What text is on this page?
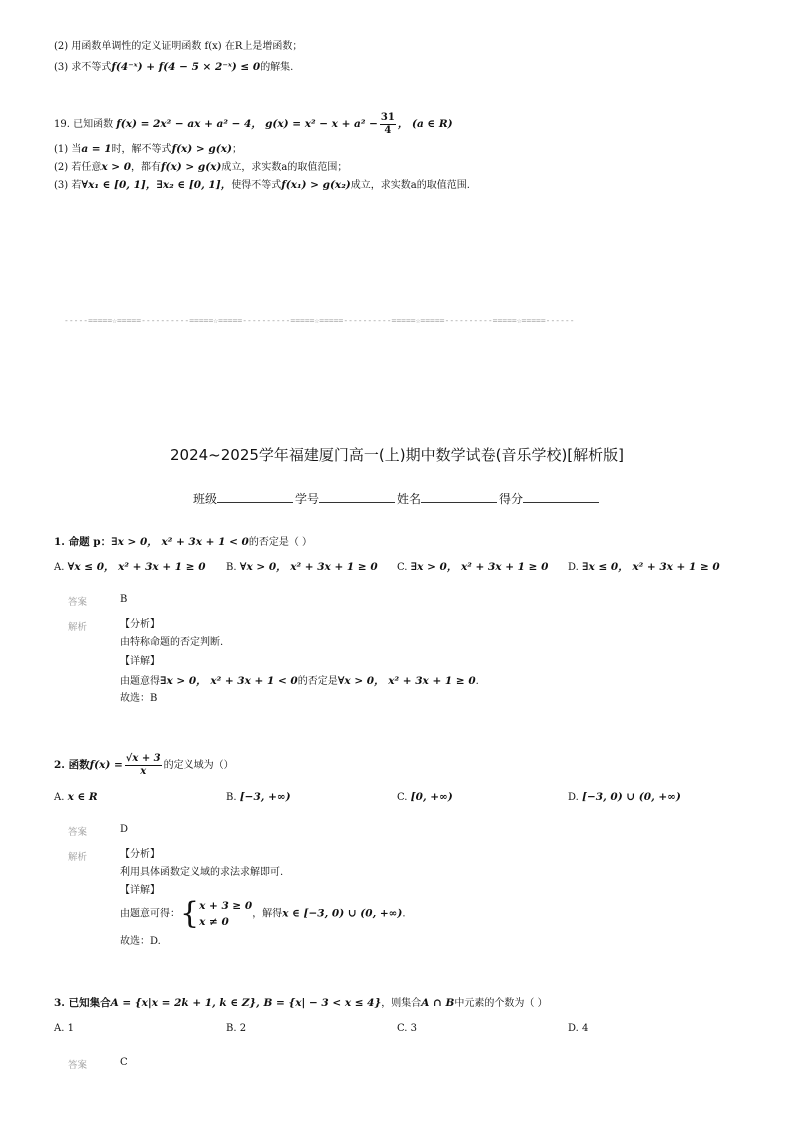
(2) 用函数单调性的定义证明函数 f(x) 在R上是增函数；
(3) 求不等式f(4⁻ˣ) + f(4 − 5 × 2⁻ˣ) ≤ 0的解集.
19. 已知函数 f(x) = 2x² − ax + a² − 4， $g(x) = x^2 - x + a^2 - \frac{31}{4}$ ， (a ∈ R)
(1) 当a = 1时，解不等式f(x) > g(x)；
(2) 若任意x > 0，都有f(x) > g(x)成立，求实数a的取值范围；
(3) 若∀x₁ ∈ [0, 1]，∃x₂ ∈ [0, 1]，使得不等式f(x₁) > g(x₂)成立，求实数a的取值范围.
-----=====☆=====----------=====☆=====----------=====☆=====----------=====☆=====----------=====☆=====------
2024~2025学年福建厦门高一(上)期中数学试卷(音乐学校)[解析版]
班级	学号	姓名	得分
1. 命题 p：∃x > 0， x² + 3x + 1 < 0的否定是（ ）
A. ∀x ≤ 0， x² + 3x + 1 ≥ 0 B. ∀x > 0， x² + 3x + 1 ≥ 0 C. ∃x > 0， x² + 3x + 1 ≥ 0 D. ∃x ≤ 0， x² + 3x + 1 ≥ 0
答案	B
解析	【分析】
由特称命题的否定判断.
【详解】
由题意得∃x > 0， x² + 3x + 1 < 0的否定是∀x > 0， x² + 3x + 1 ≥ 0.
故选：B
2. 函数$f(x) = \frac{√x + 3}{x}$ 的定义域为（）
A. x ∈ R	B. [−3, +∞)	C. [0, +∞)	D. [−3, 0) ∪ (0, +∞)
答案	D
解析	【分析】
利用具体函数定义域的求法求解即可.
【详解】
由题意可得：{ x + 3 ≥ 0
x ≠ 0
，解得x ∈ [−3, 0) ∪ (0, +∞).
故选：D.
3. 已知集合A = {x|x = 2k + 1, k ∈ Z}, B = {x| − 3 < x ≤ 4}，则集合A ∩ B中元素的个数为（ ）
A. 1	B. 2	C. 3	D. 4
答案	C
